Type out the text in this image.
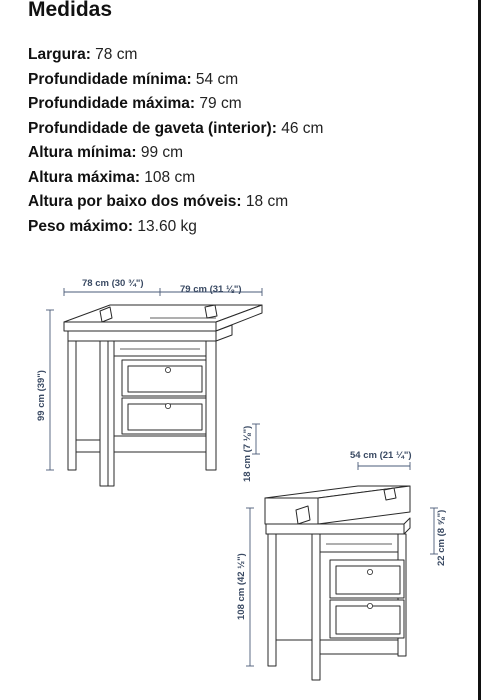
Medidas
Largura: 78 cm
Profundidade mínima: 54 cm
Profundidade máxima: 79 cm
Profundidade de gaveta (interior): 46 cm
Altura mínima: 99 cm
Altura máxima: 108 cm
Altura por baixo dos móveis: 18 cm
Peso máximo: 13.60 kg
78 cm (30 ¾")
79 cm (31 ⅛")
99 cm (39")
18 cm (7 ⅛")	54 cm (21 ¼")
108 cm (42 ½")
22 cm (8 ⅝")
